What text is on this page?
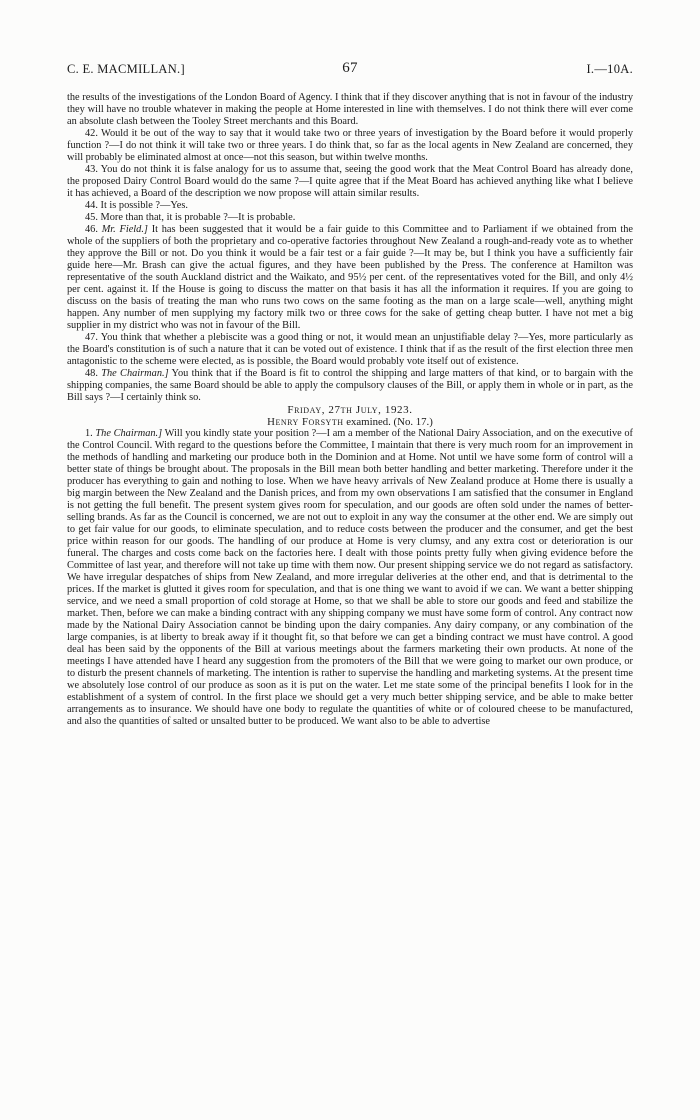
C. E. MACMILLAN.]	67	I.—10A.

the results of the investigations of the London Board of Agency. I think that if they discover anything that is not in favour of the industry they will have no trouble whatever in making the people at Home interested in line with themselves. I do not think there will ever come an absolute clash between the Tooley Street merchants and this Board.

42. Would it be out of the way to say that it would take two or three years of investigation by the Board before it would properly function ?—I do not think it will take two or three years. I do think that, so far as the local agents in New Zealand are concerned, they will probably be eliminated almost at once—not this season, but within twelve months.

43. You do not think it is false analogy for us to assume that, seeing the good work that the Meat Control Board has already done, the proposed Dairy Control Board would do the same ?—I quite agree that if the Meat Board has achieved anything like what I believe it has achieved, a Board of the description we now propose will attain similar results.

44. It is possible ?—Yes.

45. More than that, it is probable ?—It is probable.

46. Mr. Field.] It has been suggested that it would be a fair guide to this Committee and to Parliament if we obtained from the whole of the suppliers of both the proprietary and co-operative factories throughout New Zealand a rough-and-ready vote as to whether they approve the Bill or not. Do you think it would be a fair test or a fair guide ?—It may be, but I think you have a sufficiently fair guide here—Mr. Brash can give the actual figures, and they have been published by the Press. The conference at Hamilton was representative of the south Auckland district and the Waikato, and 95½ per cent. of the representatives voted for the Bill, and only 4½ per cent. against it. If the House is going to discuss the matter on that basis it has all the information it requires. If you are going to discuss on the basis of treating the man who runs two cows on the same footing as the man on a large scale—well, anything might happen. Any number of men supplying my factory milk two or three cows for the sake of getting cheap butter. I have not met a big supplier in my district who was not in favour of the Bill.

47. You think that whether a plebiscite was a good thing or not, it would mean an unjustifiable delay ?—Yes, more particularly as the Board's constitution is of such a nature that it can be voted out of existence. I think that if as the result of the first election three men antagonistic to the scheme were elected, as is possible, the Board would probably vote itself out of existence.

48. The Chairman.] You think that if the Board is fit to control the shipping and large matters of that kind, or to bargain with the shipping companies, the same Board should be able to apply the compulsory clauses of the Bill, or apply them in whole or in part, as the Bill says ?—I certainly think so.

Friday, 27th July, 1923.

Henry Forsyth examined. (No. 17.)

1. The Chairman.] Will you kindly state your position ?—I am a member of the National Dairy Association, and on the executive of the Control Council. With regard to the questions before the Committee, I maintain that there is very much room for an improvement in the methods of handling and marketing our produce both in the Dominion and at Home. Not until we have some form of control will a better state of things be brought about. The proposals in the Bill mean both better handling and better marketing. Therefore under it the producer has everything to gain and nothing to lose. When we have heavy arrivals of New Zealand produce at Home there is usually a big margin between the New Zealand and the Danish prices, and from my own observations I am satisfied that the consumer in England is not getting the full benefit. The present system gives room for speculation, and our goods are often sold under the names of better-selling brands. As far as the Council is concerned, we are not out to exploit in any way the consumer at the other end. We are simply out to get fair value for our goods, to eliminate speculation, and to reduce costs between the producer and the consumer, and get the best price within reason for our goods. The handling of our produce at Home is very clumsy, and any extra cost or deterioration is our funeral. The charges and costs come back on the factories here. I dealt with those points pretty fully when giving evidence before the Committee of last year, and therefore will not take up time with them now. Our present shipping service we do not regard as satisfactory. We have irregular despatches of ships from New Zealand, and more irregular deliveries at the other end, and that is detrimental to the prices. If the market is glutted it gives room for speculation, and that is one thing we want to avoid if we can. We want a better shipping service, and we need a small proportion of cold storage at Home, so that we shall be able to store our goods and feed and stabilize the market. Then, before we can make a binding contract with any shipping company we must have some form of control. Any contract now made by the National Dairy Association cannot be binding upon the dairy companies. Any dairy company, or any combination of the large companies, is at liberty to break away if it thought fit, so that before we can get a binding contract we must have control. A good deal has been said by the opponents of the Bill at various meetings about the farmers marketing their own products. At none of the meetings I have attended have I heard any suggestion from the promoters of the Bill that we were going to market our own produce, or to disturb the present channels of marketing. The intention is rather to supervise the handling and marketing systems. At the present time we absolutely lose control of our produce as soon as it is put on the water. Let me state some of the principal benefits I look for in the establishment of a system of control. In the first place we should get a very much better shipping service, and be able to make better arrangements as to insurance. We should have one body to regulate the quantities of white or of coloured cheese to be manufactured, and also the quantities of salted or unsalted butter to be produced. We want also to be able to advertise
